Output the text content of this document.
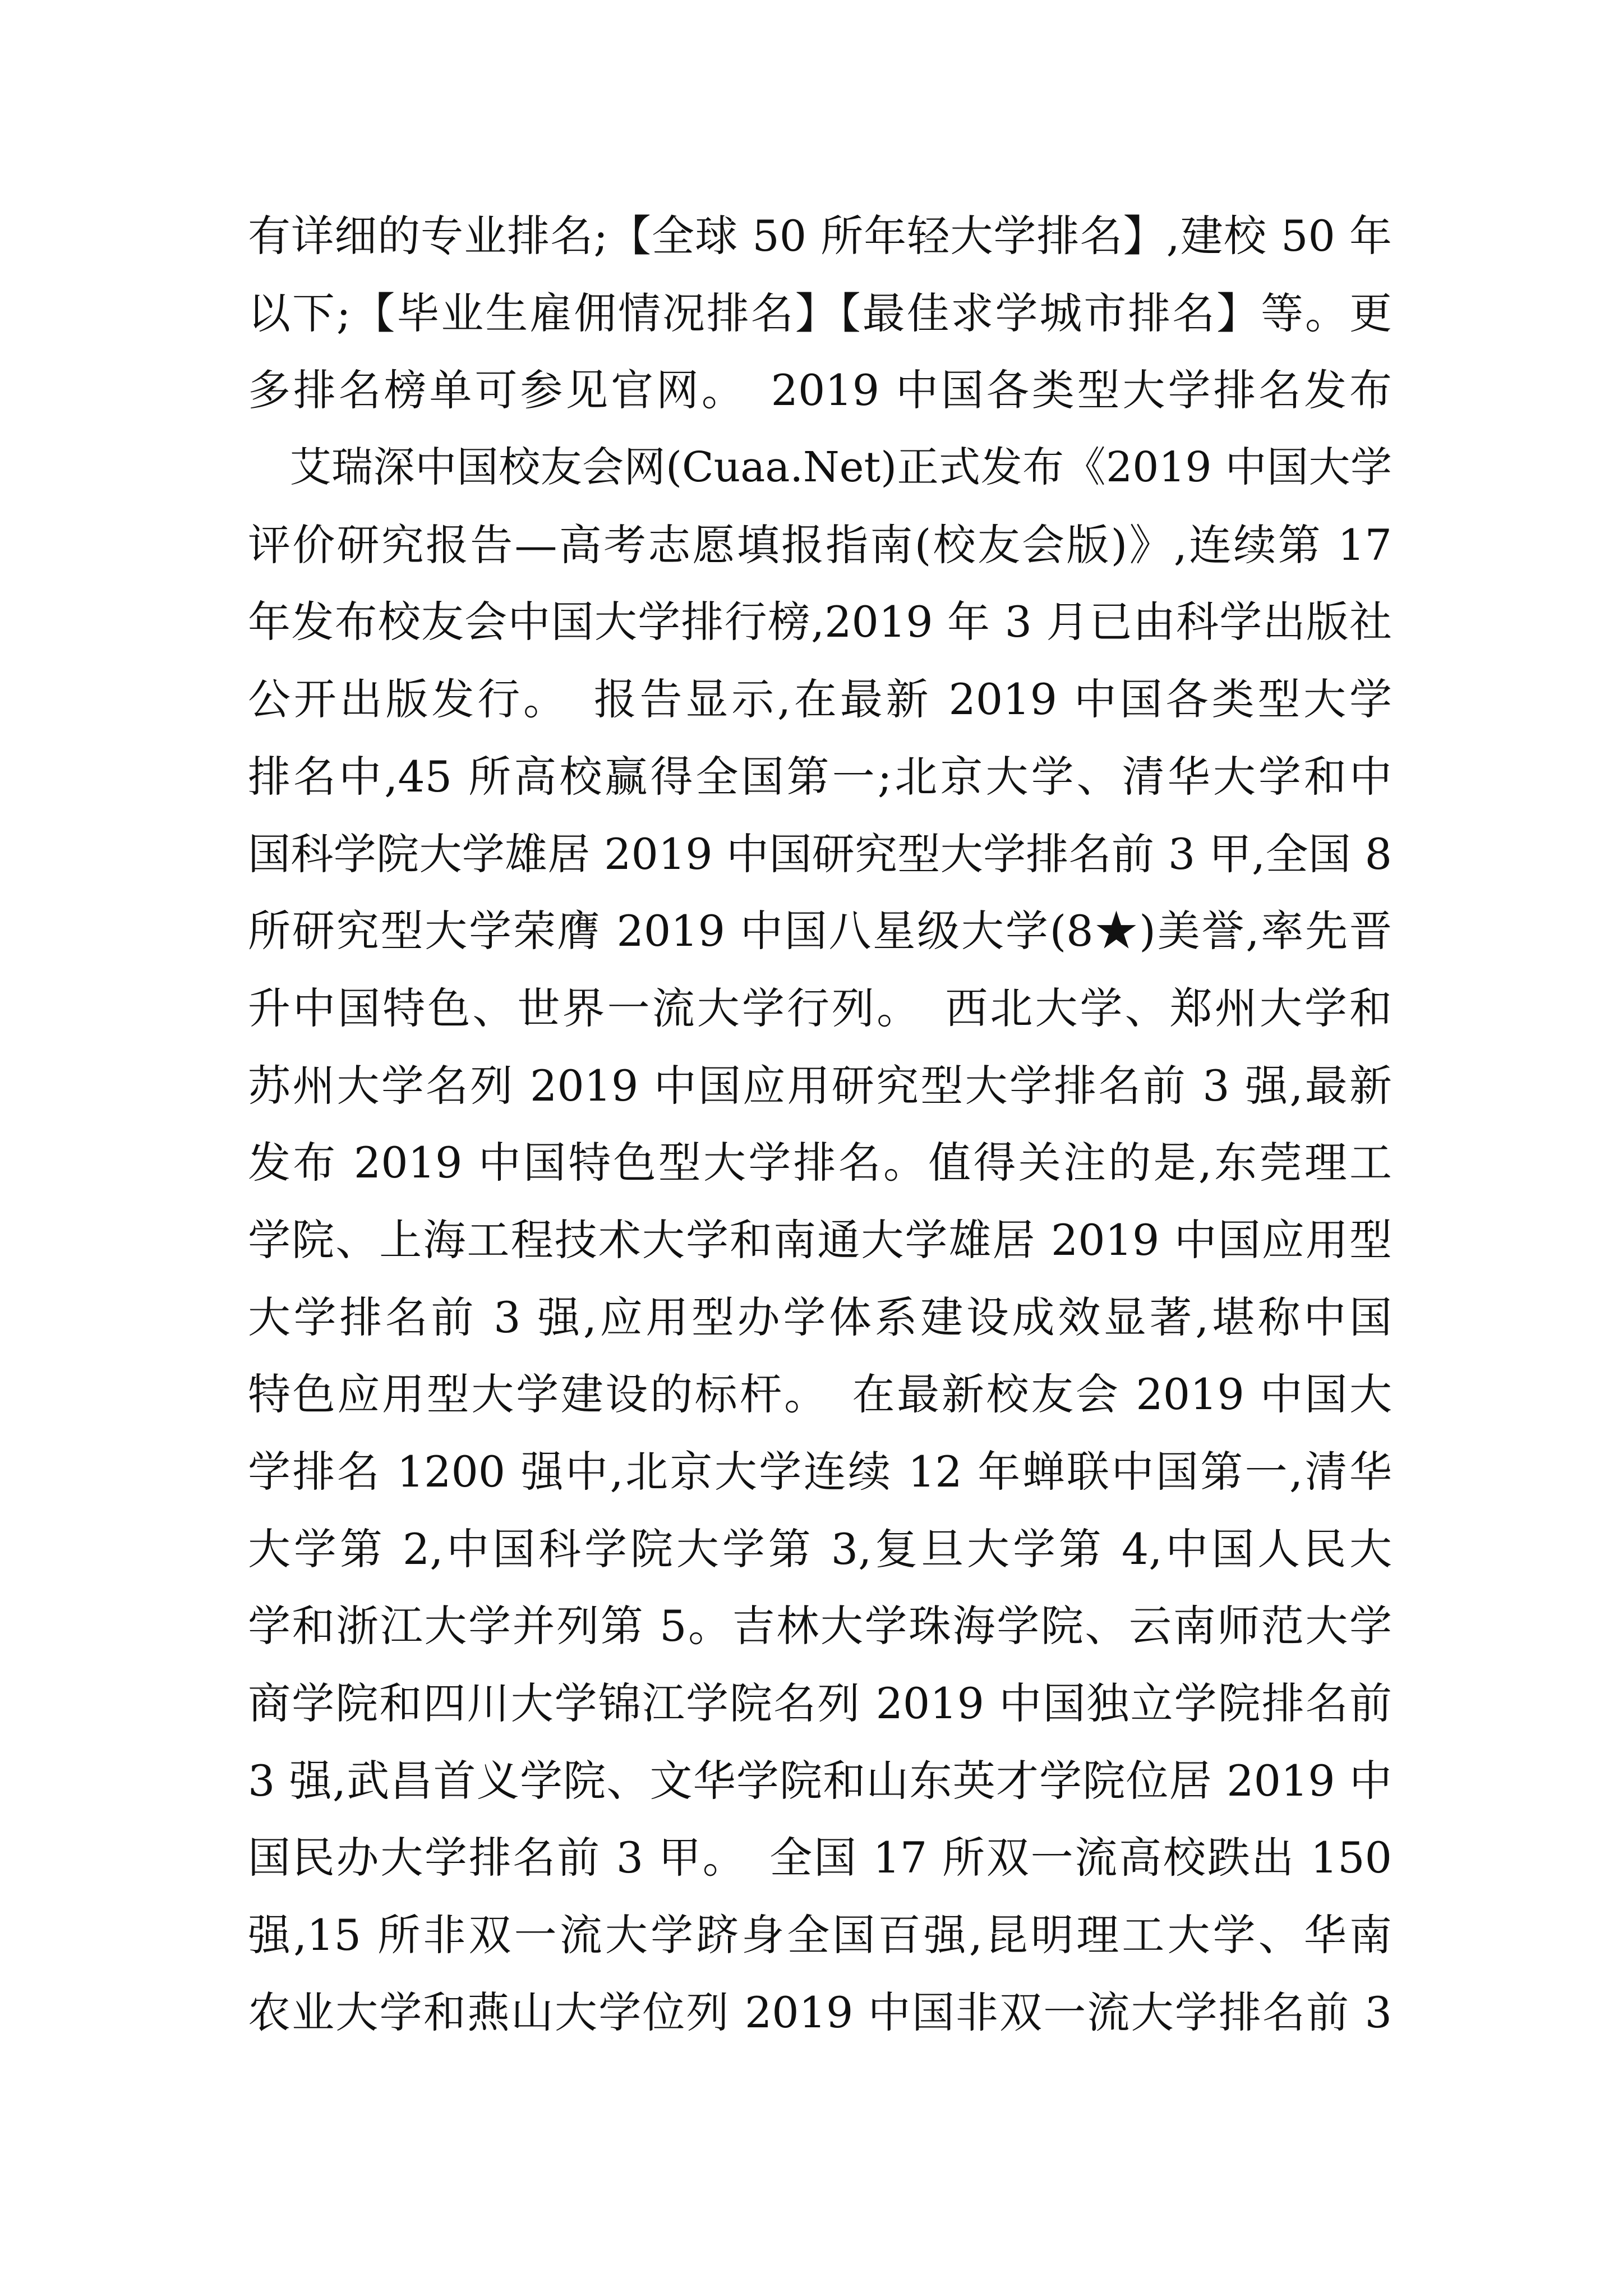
有详细的专业排名;【全球 50 所年轻大学排名】,建校 50 年
以下;【毕业生雇佣情况排名】【最佳求学城市排名】等。更
多排名榜单可参见官网。　2019 中国各类型大学排名发布
　艾瑞深中国校友会网(Cuaa.Net)正式发布《2019 中国大学
评价研究报告—高考志愿填报指南(校友会版)》,连续第 17
年发布校友会中国大学排行榜,2019 年 3 月已由科学出版社
公开出版发行。　报告显示,在最新 2019 中国各类型大学
排名中,45 所高校赢得全国第一;北京大学、清华大学和中
国科学院大学雄居 2019 中国研究型大学排名前 3 甲,全国 8
所研究型大学荣膺 2019 中国八星级大学(8★)美誉,率先晋
升中国特色、世界一流大学行列。　西北大学、郑州大学和
苏州大学名列 2019 中国应用研究型大学排名前 3 强,最新
发布 2019 中国特色型大学排名。值得关注的是,东莞理工
学院、上海工程技术大学和南通大学雄居 2019 中国应用型
大学排名前 3 强,应用型办学体系建设成效显著,堪称中国
特色应用型大学建设的标杆。　在最新校友会 2019 中国大
学排名 1200 强中,北京大学连续 12 年蝉联中国第一,清华
大学第 2,中国科学院大学第 3,复旦大学第 4,中国人民大
学和浙江大学并列第 5。吉林大学珠海学院、云南师范大学
商学院和四川大学锦江学院名列 2019 中国独立学院排名前
3 强,武昌首义学院、文华学院和山东英才学院位居 2019 中
国民办大学排名前 3 甲。　全国 17 所双一流高校跌出 150
强,15 所非双一流大学跻身全国百强,昆明理工大学、华南
农业大学和燕山大学位列 2019 中国非双一流大学排名前 3
